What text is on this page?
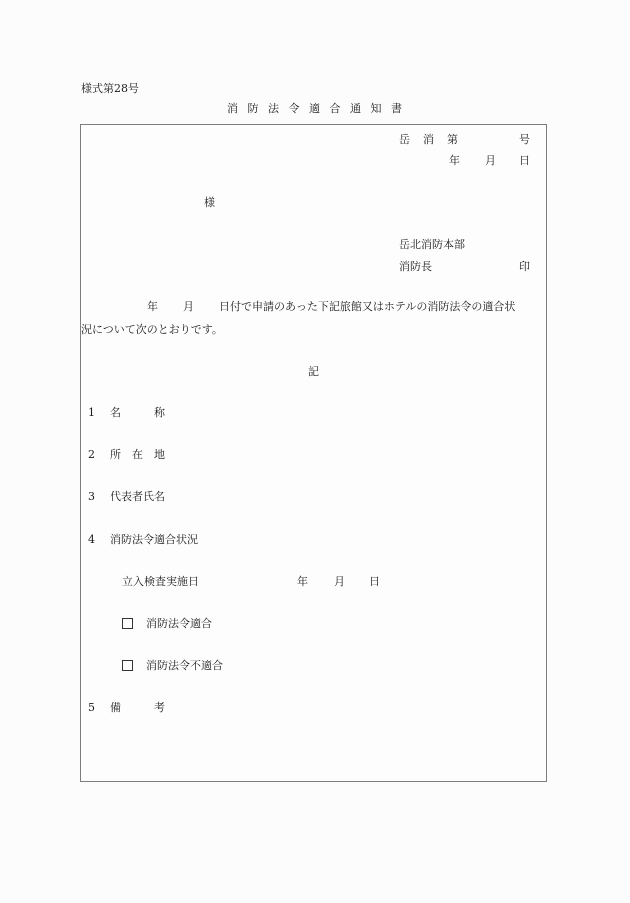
様式第28号
消防法令適合通知書
岳 消 第	号
年 月 日
様
岳北消防本部
消防長	印
年 月 日付で申請のあった下記旅館又はホテルの消防法令の適合状
況について次のとおりです。
記
1 名　　　称
2 所　在　地
3 代表者氏名
4 消防法令適合状況
立入検査実施日	年 月 日
消防法令適合
消防法令不適合
5 備　　　考
